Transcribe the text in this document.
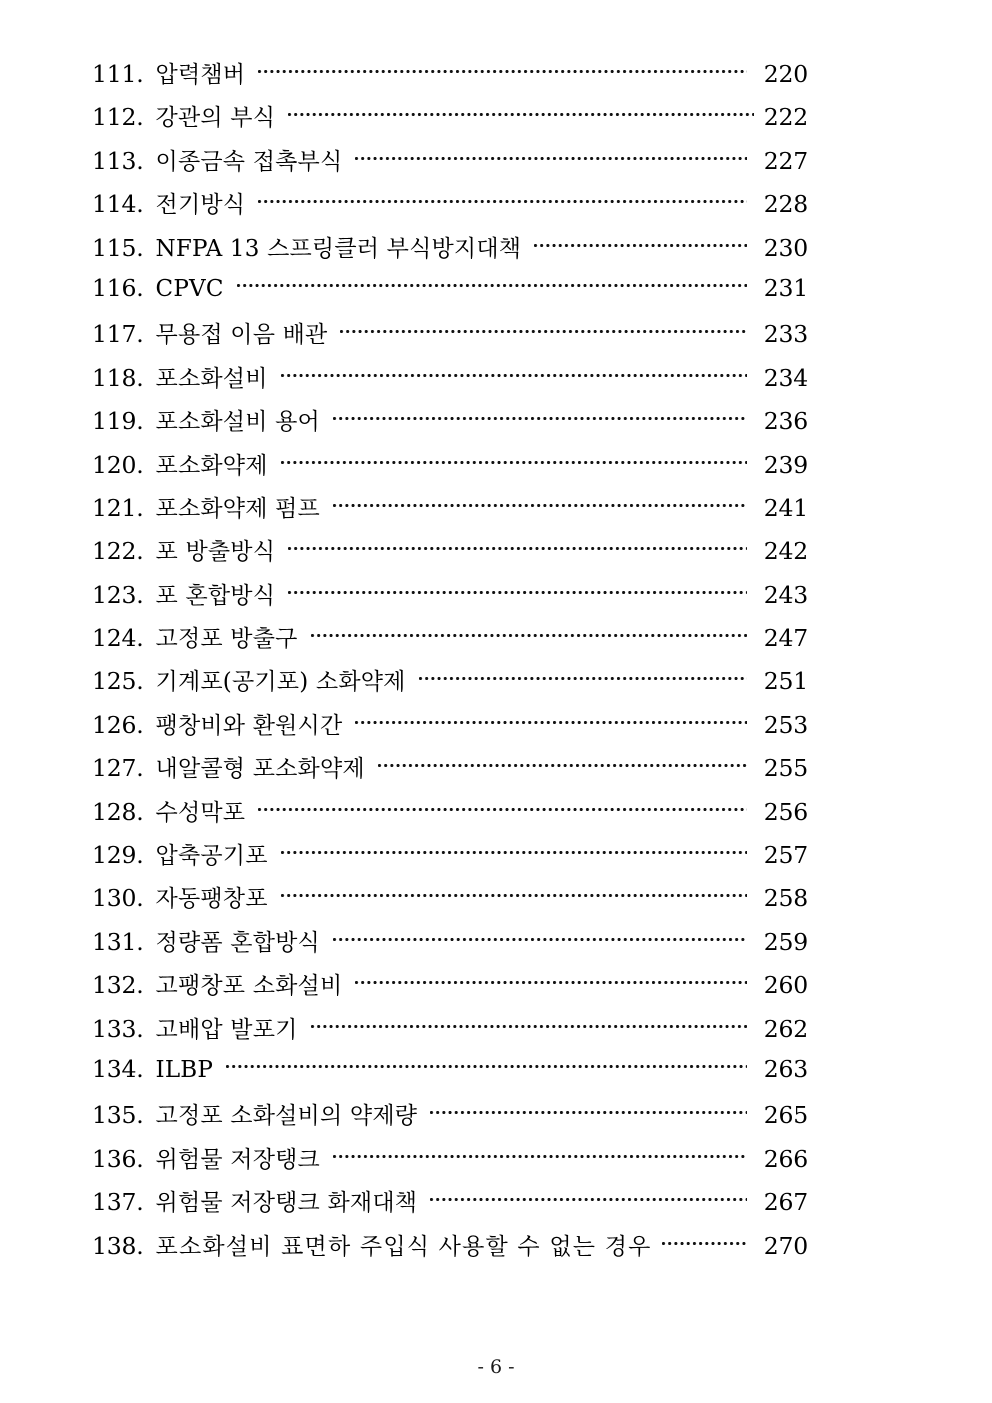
111. 압력챔버	220
112. 강관의 부식	222
113. 이종금속 접촉부식	227
114. 전기방식	228
115. NFPA 13 스프링클러 부식방지대책	230
116. CPVC	231
117. 무용접 이음 배관	233
118. 포소화설비	234
119. 포소화설비 용어	236
120. 포소화약제	239
121. 포소화약제 펌프	241
122. 포 방출방식	242
123. 포 혼합방식	243
124. 고정포 방출구	247
125. 기계포(공기포) 소화약제	251
126. 팽창비와 환원시간	253
127. 내알콜형 포소화약제	255
128. 수성막포	256
129. 압축공기포	257
130. 자동팽창포	258
131. 정량폼 혼합방식	259
132. 고팽창포 소화설비	260
133. 고배압 발포기	262
134. ILBP	263
135. 고정포 소화설비의 약제량	265
136. 위험물 저장탱크	266
137. 위험물 저장탱크 화재대책	267
138. 포소화설비 표면하 주입식 사용할 수 없는 경우	270
- 6 -
